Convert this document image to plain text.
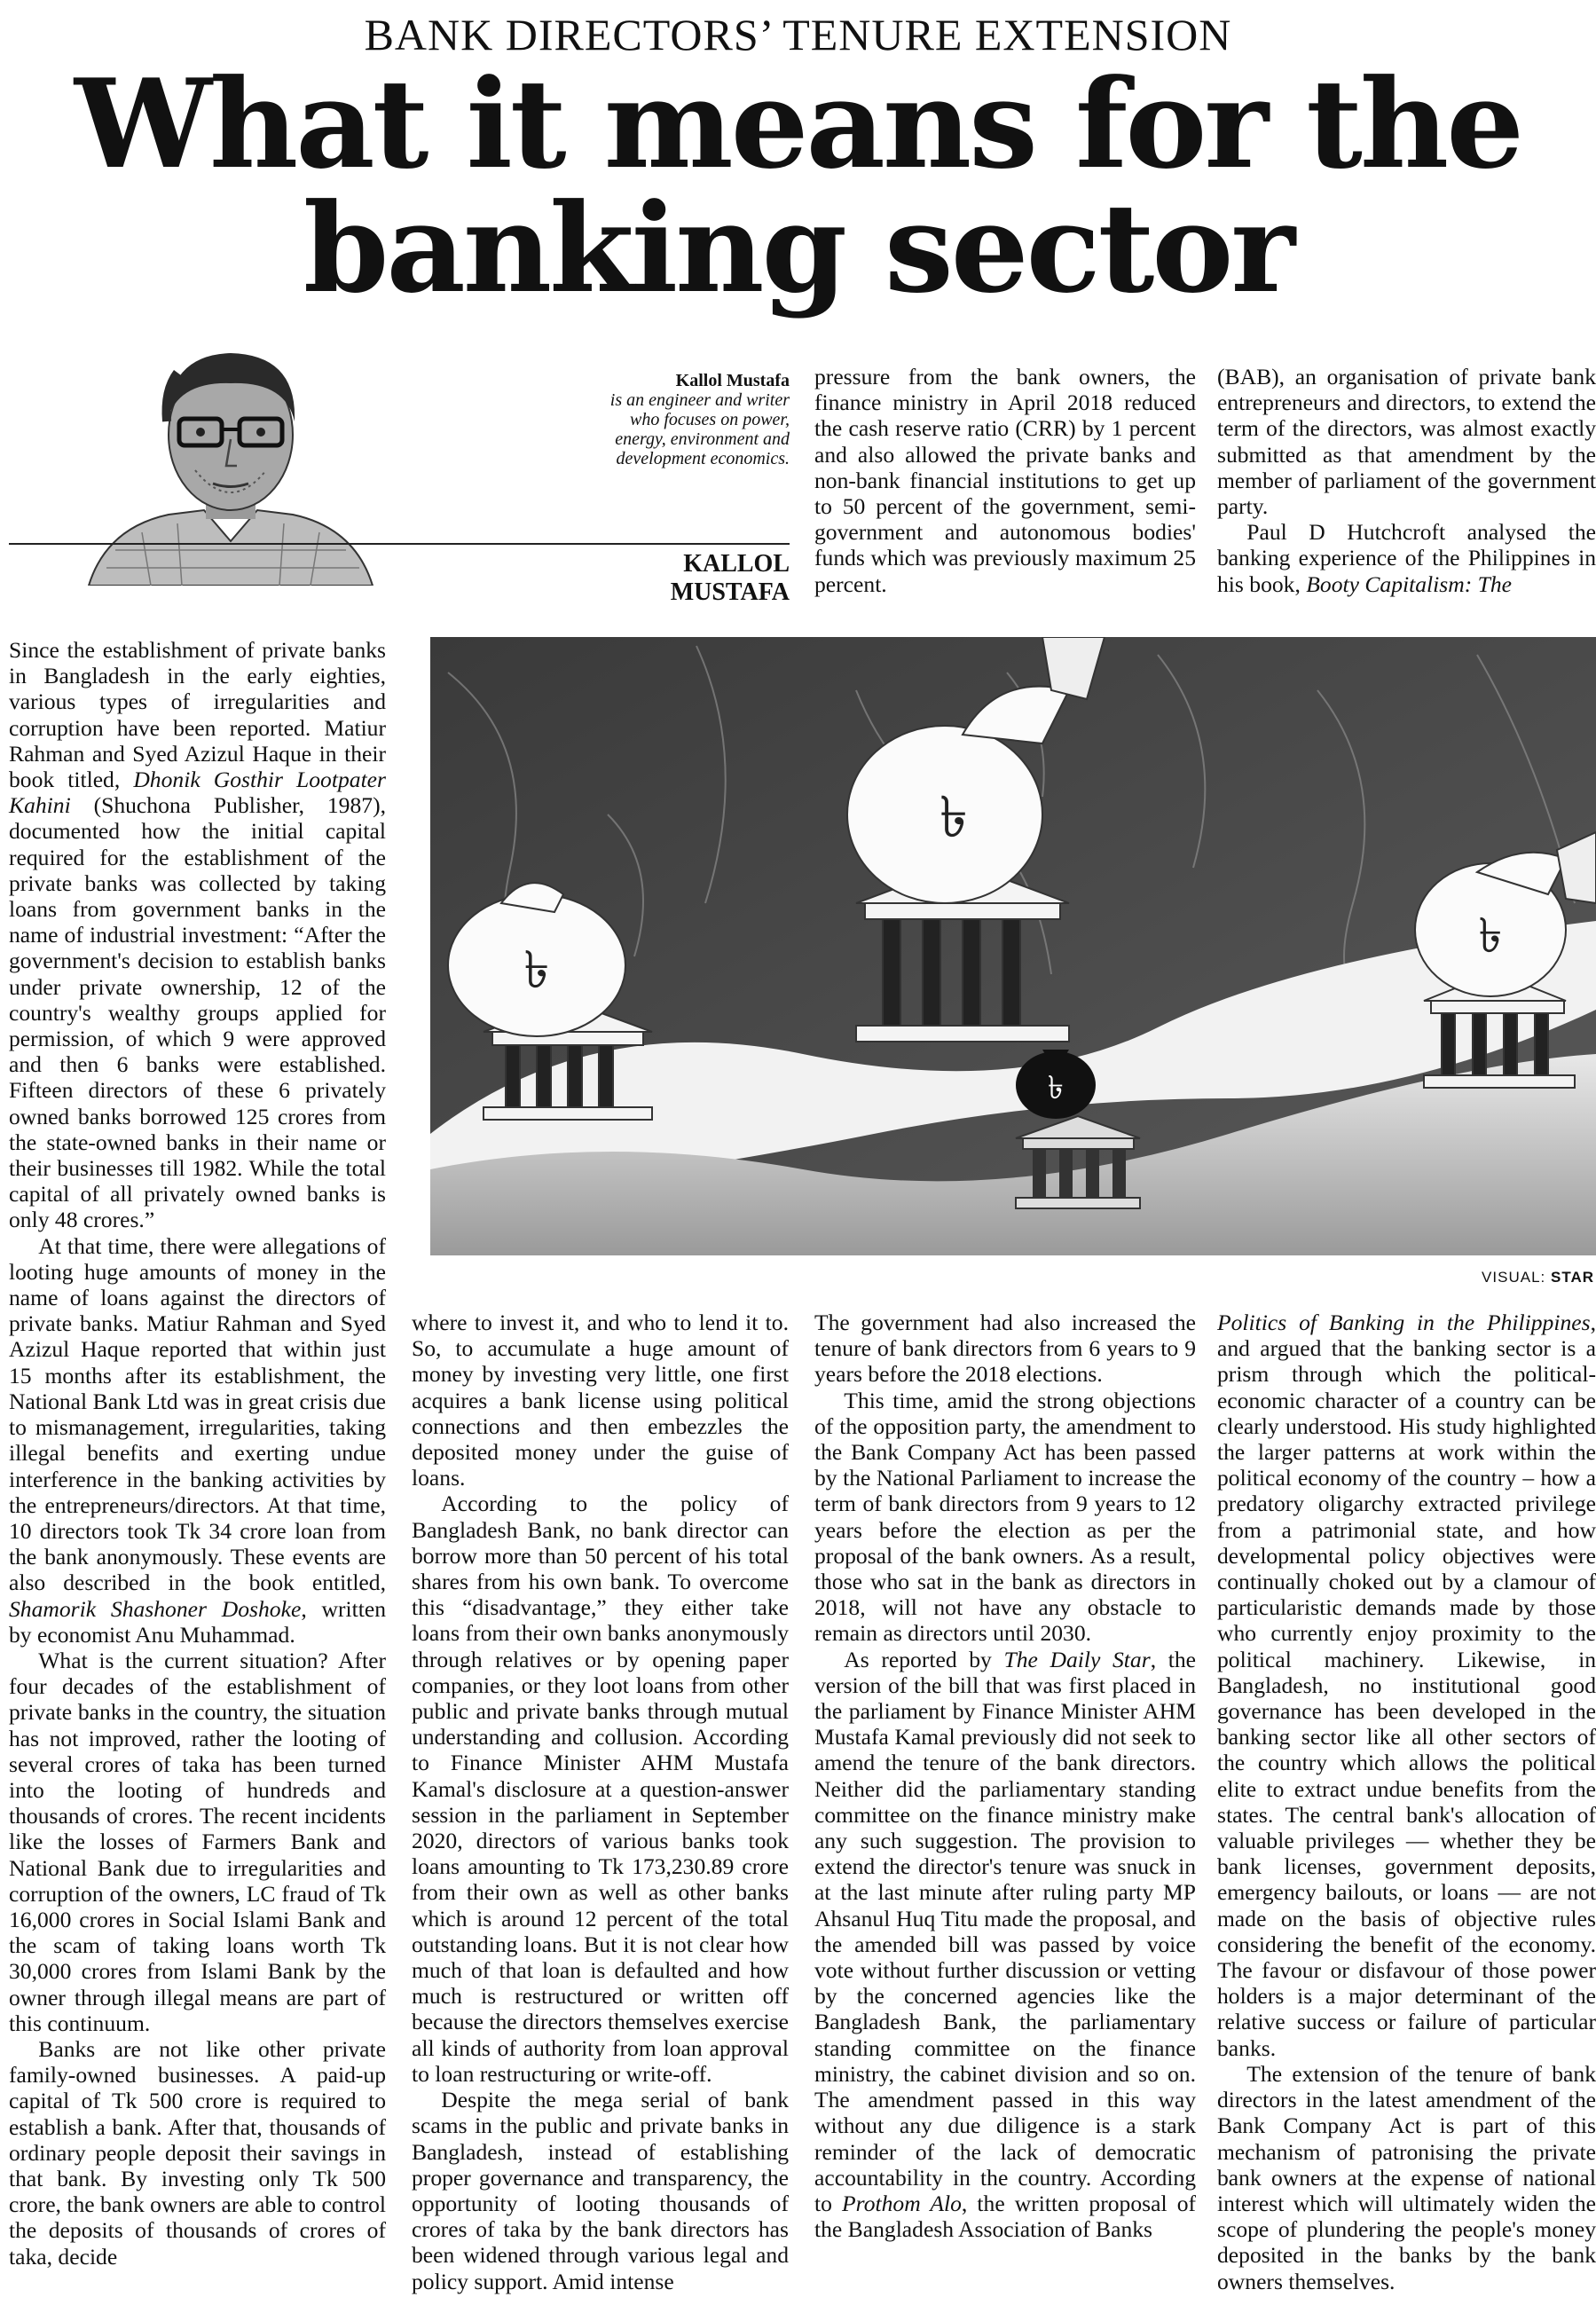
BANK DIRECTORS’ TENURE EXTENSION
What it means for the
banking sector
Kallol Mustafa
is an engineer and writer
who focuses on power,
energy, environment and
development economics.
KALLOL MUSTAFA

pressure from the bank owners, the finance ministry in April 2018 reduced the cash reserve ratio (CRR) by 1 percent and also allowed the private banks and non-bank financial institutions to get up to 50 percent of the government, semi-government and autonomous bodies' funds which was previously maximum 25 percent.

(BAB), an organisation of private bank entrepreneurs and directors, to extend the term of the directors, was almost exactly submitted as that amendment by the member of parliament of the government party.

Paul D Hutchcroft analysed the banking experience of the Philippines in his book, Booty Capitalism: The

৳
৳
৳
৳
VISUAL: STAR

Since the establishment of private banks in Bangladesh in the early eighties, various types of irregularities and corruption have been reported. Matiur Rahman and Syed Azizul Haque in their book titled, Dhonik Gosthir Lootpater Kahini (Shuchona Publisher, 1987), documented how the initial capital required for the establishment of the private banks was collected by taking loans from government banks in the name of industrial investment: “After the government's decision to establish banks under private ownership, 12 of the country's wealthy groups applied for permission, of which 9 were approved and then 6 banks were established. Fifteen directors of these 6 privately owned banks borrowed 125 crores from the state-owned banks in their name or their businesses till 1982. While the total capital of all privately owned banks is only 48 crores.”

At that time, there were allegations of looting huge amounts of money in the name of loans against the directors of private banks. Matiur Rahman and Syed Azizul Haque reported that within just 15 months after its establishment, the National Bank Ltd was in great crisis due to mismanagement, irregularities, taking illegal benefits and exerting undue interference in the banking activities by the entrepreneurs/directors. At that time, 10 directors took Tk 34 crore loan from the bank anonymously. These events are also described in the book entitled, Shamorik Shashoner Doshoke, written by economist Anu Muhammad.

What is the current situation? After four decades of the establishment of private banks in the country, the situation has not improved, rather the looting of several crores of taka has been turned into the looting of hundreds and thousands of crores. The recent incidents like the losses of Farmers Bank and National Bank due to irregularities and corruption of the owners, LC fraud of Tk 16,000 crores in Social Islami Bank and the scam of taking loans worth Tk 30,000 crores from Islami Bank by the owner through illegal means are part of this continuum.

Banks are not like other private family-owned businesses. A paid-up capital of Tk 500 crore is required to establish a bank. After that, thousands of ordinary people deposit their savings in that bank. By investing only Tk 500 crore, the bank owners are able to control the deposits of thousands of crores of taka, decide

where to invest it, and who to lend it to. So, to accumulate a huge amount of money by investing very little, one first acquires a bank license using political connections and then embezzles the deposited money under the guise of loans.

According to the policy of Bangladesh Bank, no bank director can borrow more than 50 percent of his total shares from his own bank. To overcome this “disadvantage,” they either take loans from their own banks anonymously through relatives or by opening paper companies, or they loot loans from other public and private banks through mutual understanding and collusion. According to Finance Minister AHM Mustafa Kamal's disclosure at a question-answer session in the parliament in September 2020, directors of various banks took loans amounting to Tk 173,230.89 crore from their own as well as other banks which is around 12 percent of the total outstanding loans. But it is not clear how much of that loan is defaulted and how much is restructured or written off because the directors themselves exercise all kinds of authority from loan approval to loan restructuring or write-off.

Despite the mega serial of bank scams in the public and private banks in Bangladesh, instead of establishing proper governance and transparency, the opportunity of looting thousands of crores of taka by the bank directors has been widened through various legal and policy support. Amid intense

The government had also increased the tenure of bank directors from 6 years to 9 years before the 2018 elections.

This time, amid the strong objections of the opposition party, the amendment to the Bank Company Act has been passed by the National Parliament to increase the term of bank directors from 9 years to 12 years before the election as per the proposal of the bank owners. As a result, those who sat in the bank as directors in 2018, will not have any obstacle to remain as directors until 2030.

As reported by The Daily Star, the version of the bill that was first placed in the parliament by Finance Minister AHM Mustafa Kamal previously did not seek to amend the tenure of the bank directors. Neither did the parliamentary standing committee on the finance ministry make any such suggestion. The provision to extend the director's tenure was snuck in at the last minute after ruling party MP Ahsanul Huq Titu made the proposal, and the amended bill was passed by voice vote without further discussion or vetting by the concerned agencies like the Bangladesh Bank, the parliamentary standing committee on the finance ministry, the cabinet division and so on. The amendment passed in this way without any due diligence is a stark reminder of the lack of democratic accountability in the country. According to Prothom Alo, the written proposal of the Bangladesh Association of Banks

Politics of Banking in the Philippines, and argued that the banking sector is a prism through which the political-economic character of a country can be clearly understood. His study highlighted the larger patterns at work within the political economy of the country – how a predatory oligarchy extracted privilege from a patrimonial state, and how developmental policy objectives were continually choked out by a clamour of particularistic demands made by those who currently enjoy proximity to the political machinery. Likewise, in Bangladesh, no institutional good governance has been developed in the banking sector like all other sectors of the country which allows the political elite to extract undue benefits from the states. The central bank's allocation of valuable privileges — whether they be bank licenses, government deposits, emergency bailouts, or loans — are not made on the basis of objective rules considering the benefit of the economy. The favour or disfavour of those power holders is a major determinant of the relative success or failure of particular banks.

The extension of the tenure of bank directors in the latest amendment of the Bank Company Act is part of this mechanism of patronising the private bank owners at the expense of national interest which will ultimately widen the scope of plundering the people's money deposited in the banks by the bank owners themselves.
